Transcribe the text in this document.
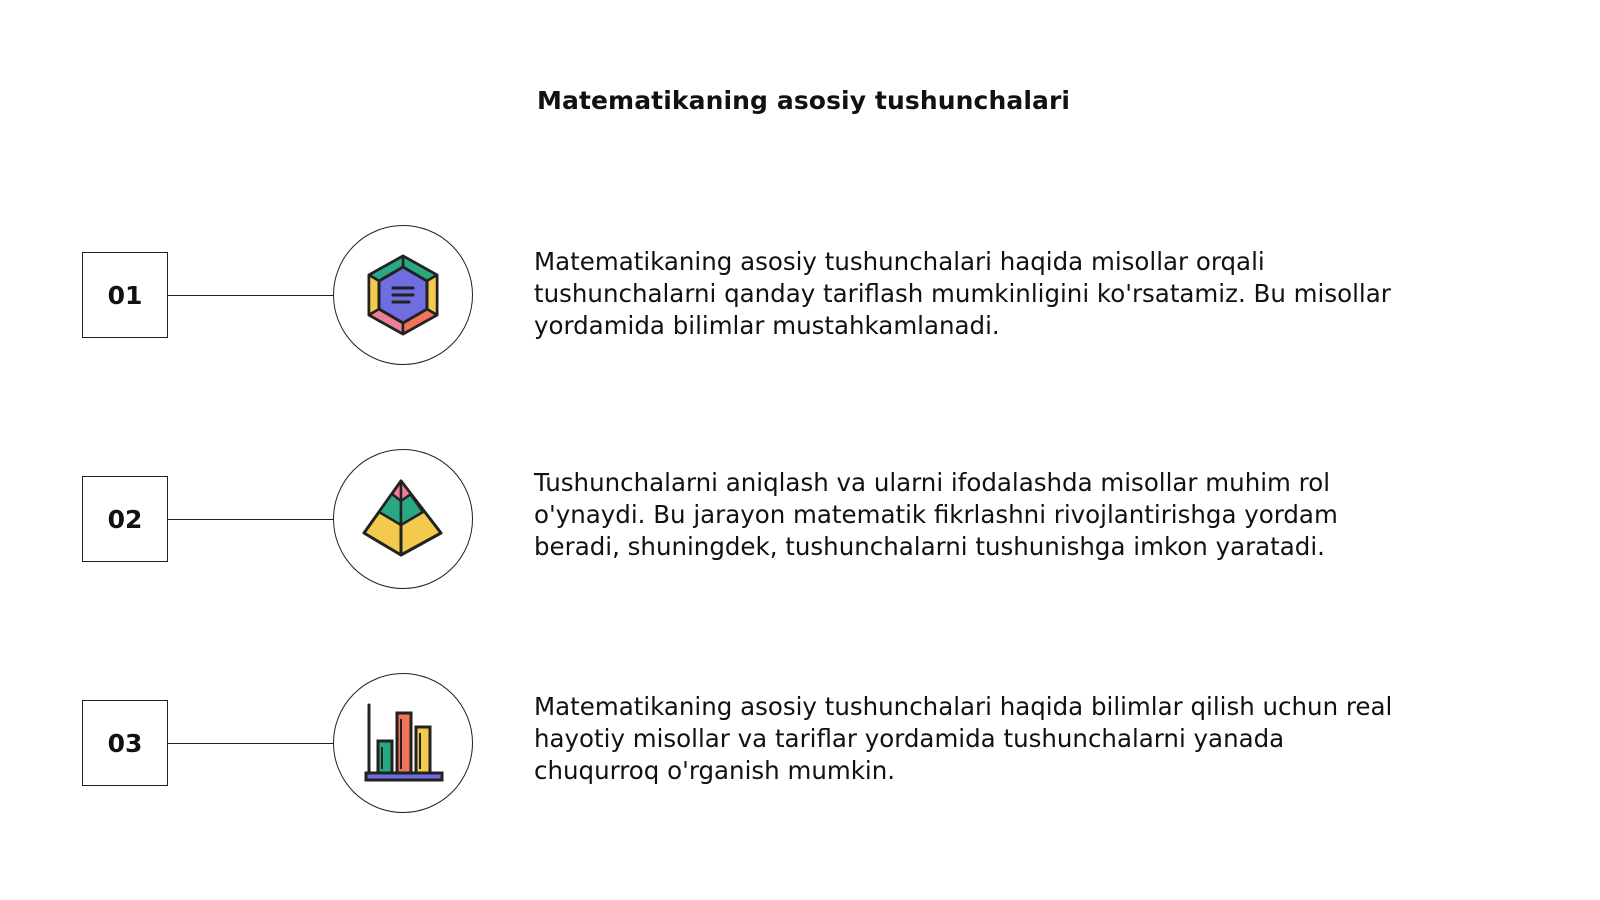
Matematikaning asosiy tushunchalari
01
Matematikaning asosiy tushunchalari haqida misollar orqali
tushunchalarni qanday tariflash mumkinligini ko'rsatamiz. Bu misollar
yordamida bilimlar mustahkamlanadi.
02
Tushunchalarni aniqlash va ularni ifodalashda misollar muhim rol
o'ynaydi. Bu jarayon matematik fikrlashni rivojlantirishga yordam
beradi, shuningdek, tushunchalarni tushunishga imkon yaratadi.
03
Matematikaning asosiy tushunchalari haqida bilimlar qilish uchun real
hayotiy misollar va tariflar yordamida tushunchalarni yanada
chuqurroq o'rganish mumkin.
